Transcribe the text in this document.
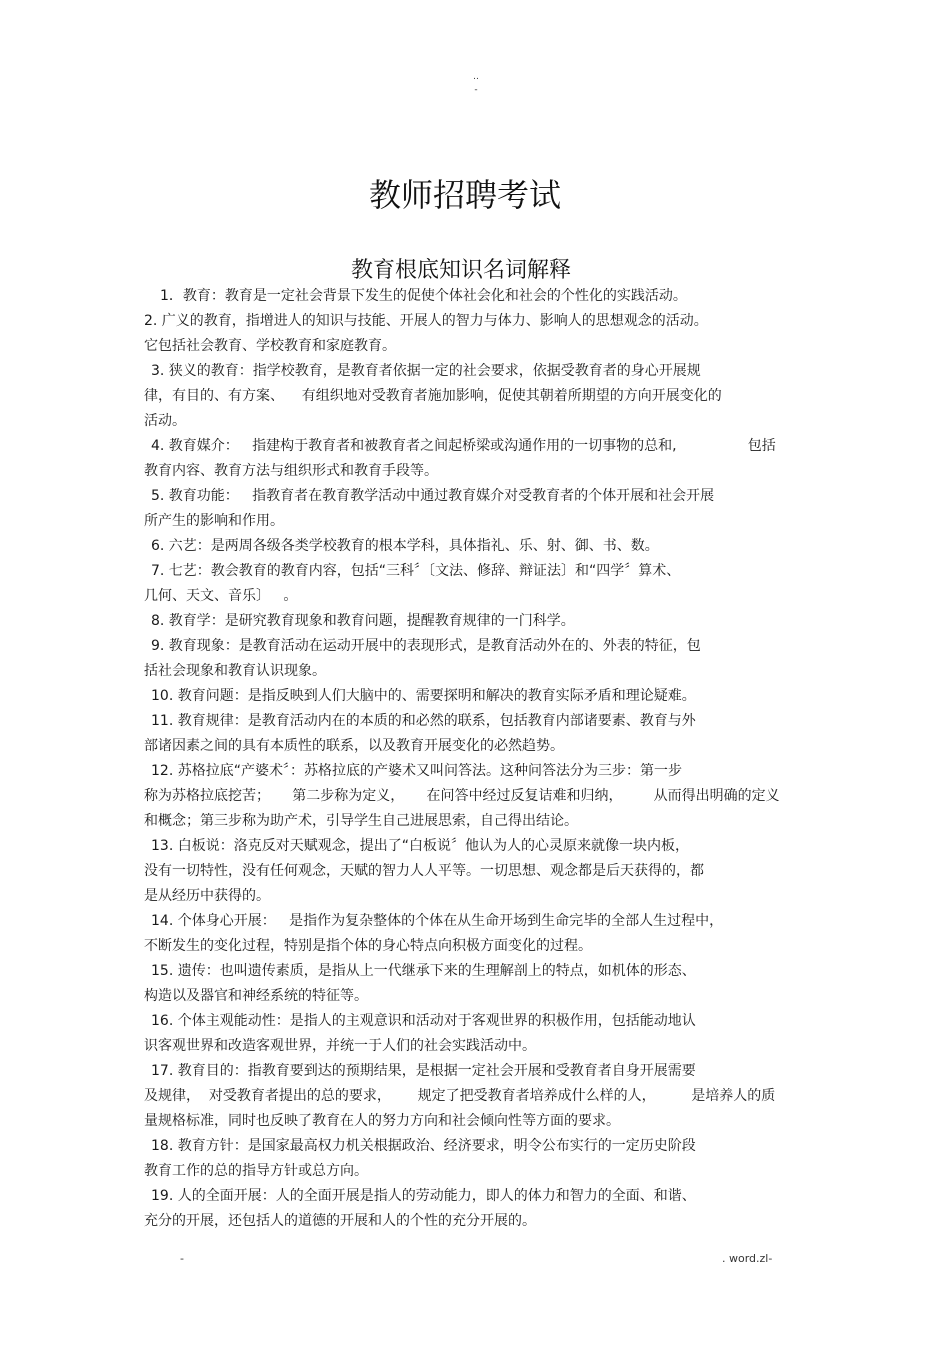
..
-
教师招聘考试
教育根底知识名词解释
1．教育：教育是一定社会背景下发生的促使个体社会化和社会的个性化的实践活动。
2. 广义的教育，指增进人的知识与技能、开展人的智力与体力、影响人的思想观念的活动。
它包括社会教育、学校教育和家庭教育。
3. 狭义的教育：指学校教育，是教育者依据一定的社会要求，依据受教育者的身心开展规
律，有目的、有方案、    有组织地对受教育者施加影响，促使其朝着所期望的方向开展变化的
活动。
4. 教育媒介：   指建构于教育者和被教育者之间起桥梁或沟通作用的一切事物的总和,                包括
教育内容、教育方法与组织形式和教育手段等。
5. 教育功能：   指教育者在教育教学活动中通过教育媒介对受教育者的个体开展和社会开展
所产生的影响和作用。
6. 六艺：是两周各级各类学校教育的根本学科，具体指礼、乐、射、御、书、数。
7. 七艺：教会教育的教育内容，包括“三科〞〔文法、修辞、辩证法〕和“四学〞算术、
几何、天文、音乐〕   。
8. 教育学：是研究教育现象和教育问题，提醒教育规律的一门科学。
9. 教育现象：是教育活动在运动开展中的表现形式，是教育活动外在的、外表的特征，包
括社会现象和教育认识现象。
10. 教育问题：是指反映到人们大脑中的、需要探明和解决的教育实际矛盾和理论疑难。
11. 教育规律：是教育活动内在的本质的和必然的联系，包括教育内部诸要素、教育与外
部诸因素之间的具有本质性的联系，以及教育开展变化的必然趋势。
12. 苏格拉底“产婆术〞：苏格拉底的产婆术又叫问答法。这种问答法分为三步：第一步
称为苏格拉底挖苦；     第二步称为定义，     在问答中经过反复诘难和归纳，       从而得出明确的定义
和概念；第三步称为助产术，引导学生自己进展思索，自己得出结论。
13. 白板说：洛克反对天赋观念，提出了“白板说〞他认为人的心灵原来就像一块内板，
没有一切特性，没有任何观念，天赋的智力人人平等。一切思想、观念都是后天获得的，都
是从经历中获得的。
14. 个体身心开展：   是指作为复杂整体的个体在从生命开场到生命完毕的全部人生过程中，
不断发生的变化过程，特别是指个体的身心特点向积极方面变化的过程。
15. 遗传：也叫遗传素质，是指从上一代继承下来的生理解剖上的特点，如机体的形态、
构造以及器官和神经系统的特征等。
16. 个体主观能动性：是指人的主观意识和活动对于客观世界的积极作用，包括能动地认
识客观世界和改造客观世界，并统一于人们的社会实践活动中。
17. 教育目的：指教育要到达的预期结果，是根据一定社会开展和受教育者自身开展需要
及规律，  对受教育者提出的总的要求，      规定了把受教育者培养成什么样的人，        是培养人的质
量规格标准，同时也反映了教育在人的努力方向和社会倾向性等方面的要求。
18. 教育方针：是国家最高权力机关根据政治、经济要求，明令公布实行的一定历史阶段
教育工作的总的指导方针或总方向。
19. 人的全面开展：人的全面开展是指人的劳动能力，即人的体力和智力的全面、和谐、
充分的开展，还包括人的道德的开展和人的个性的充分开展的。
-	. word.zl-
